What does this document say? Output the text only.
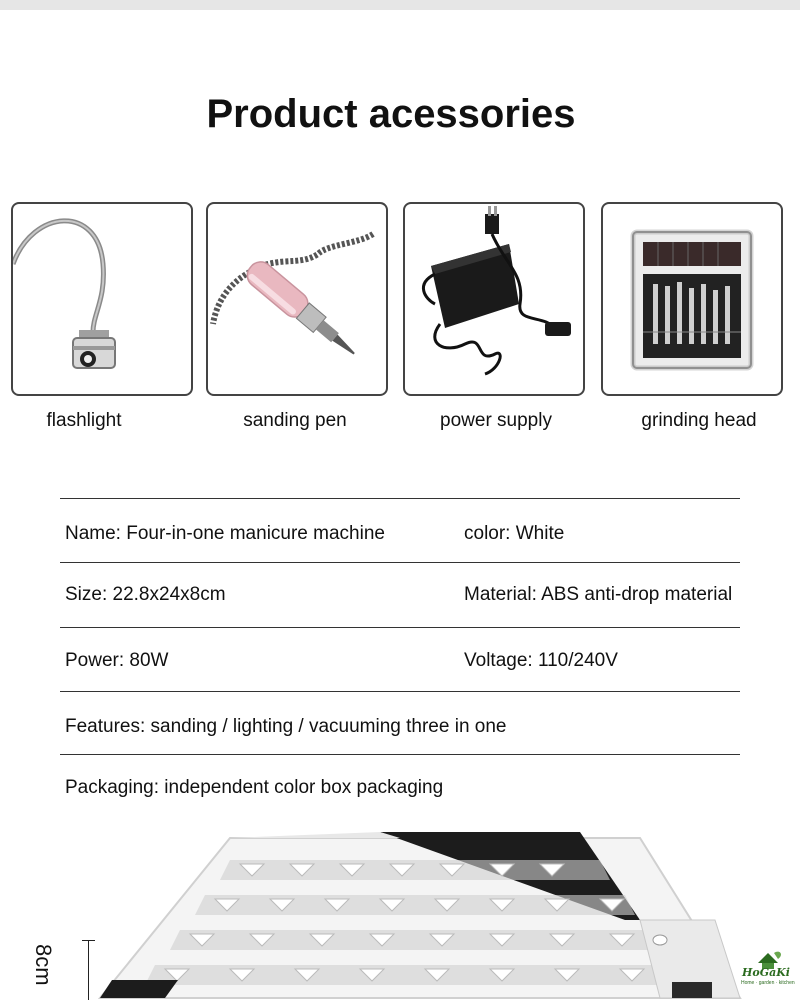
Product acessories
flashlight	sanding pen	power supply	grinding head
Name: Four-in-one manicure machine	color: White
Size: 22.8x24x8cm	Material: ABS anti-drop material
Power: 80W	Voltage: 110/240V
Features: sanding / lighting / vacuuming three in one
Packaging: independent color box packaging
8cm	HoGaKi
Home · garden · kitchen
